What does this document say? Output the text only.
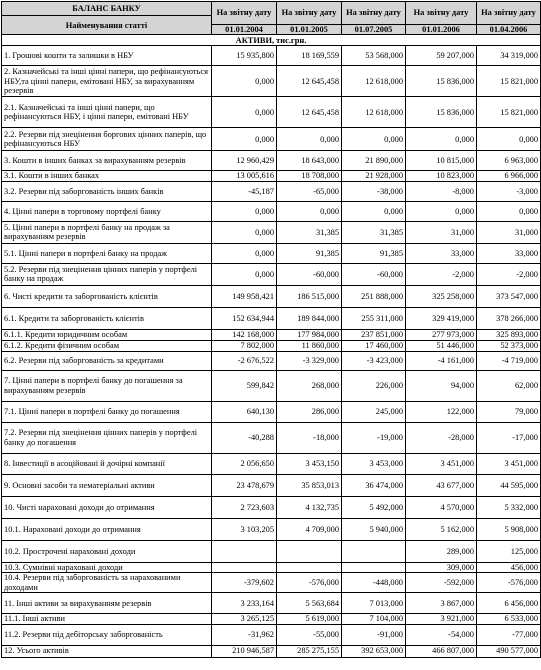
БАЛАНС БАНКУ	На звітну дату	На звітну дату	На звітну дату	На звітну дату	На звітну дату
Найменування статті					
	01.01.2004	01.01.2005	01.07.2005	01.01.2006	01.04.2006
АКТИВИ, тис.грн.					
1. Грошові кошти та залишки в НБУ	15 935,800	18 169,559	53 568,000	59 207,000	34 319,000
2. Казначейські та інші цінні папери, що рефінансуються НБУ,та цінні папери, емітовані НБУ, за вирахуванням резервів	0,000	12 645,458	12 618,000	15 836,000	15 821,000
2.1. Казначейські та інші цінні папери, що рефінансуються НБУ, і цінні папери, емітовані НБУ	0,000	12 645,458	12 618,000	15 836,000	15 821,000
2.2. Резерви під знецінення боргових цінних паперів, що рефінансуються НБУ	0,000	0,000	0,000	0,000	0,000
3. Кошти в інших банках за вирахуванням резервів	12 960,429	18 643,000	21 890,000	10 815,000	6 963,000
3.1. Кошти в інших банках	13 005,616	18 708,000	21 928,000	10 823,000	6 966,000
3.2. Резерви під заборгованість інших банків	-45,187	-65,000	-38,000	-8,000	-3,000
4. Цінні папери в торговому портфелі банку	0,000	0,000	0,000	0,000	0,000
5. Цінні папери в портфелі банку на продаж за вирахуванням резервів	0,000	31,385	31,385	31,000	31,000
5.1. Цінні папери в портфелі банку на продаж	0,000	91,385	91,385	33,000	33,000
5.2. Резерви під знецінення цінних паперів у портфелі банку на продаж	0,000	-60,000	-60,000	-2,000	-2,000
6. Чисті кредити та заборгованість клієнтів	149 958,421	186 515,000	251 888,000	325 258,000	373 547,000
6.1. Кредити та заборгованість клієнтів	152 634,944	189 844,000	255 311,000	329 419,000	378 266,000
6.1.1. Кредити юридичним особам	142 168,000	177 984,000	237 851,000	277 973,000	325 893,000
6.1.2. Кредити фізичним особам	7 802,000	11 860,000	17 460,000	51 446,000	52 373,000
6.2. Резерви під заборгованість за кредитами	-2 676,522	-3 329,000	-3 423,000	-4 161,000	-4 719,000
7. Цінні папери в портфелі банку до погашення за вирахуванням резервів	599,842	268,000	226,000	94,000	62,000
7.1. Цінні папери в портфелі банку до погашення	640,130	286,000	245,000	122,000	79,000
7.2. Резерви під знецінення цінних паперів у портфелі банку до погашення	-40,288	-18,000	-19,000	-28,000	-17,000
8. Інвестиції в асоційовані й дочірні компанії	2 056,650	3 453,150	3 453,000	3 451,000	3 451,000
9. Основні засоби та нематеріальні активи	23 478,679	35 853,013	36 474,000	43 677,000	44 595,000
10. Чисті нараховані доходи до отримання	2 723,603	4 132,735	5 492,000	4 570,000	5 332,000
10.1. Нараховані доходи до отримання	3 103,205	4 709,000	5 940,000	5 162,000	5 908,000
10.2. Прострочені нараховані доходи				289,000	125,000
10.3. Сумнівні нараховані доходи				309,000	456,000
10.4. Резерви під заборгованість за нарахованими доходами	-379,602	-576,000	-448,000	-592,000	-576,000
11. Інші активи за вирахуванням резервів	3 233,164	5 563,684	7 013,000	3 867,000	6 456,000
11.1. Інші активи	3 265,125	5 619,000	7 104,000	3 921,000	6 533,000
11.2. Резерви під дебіторську заборгованість	-31,962	-55,000	-91,000	-54,000	-77,000
12. Усього активів	210 946,587	285 275,155	392 653,000	466 807,000	490 577,000
